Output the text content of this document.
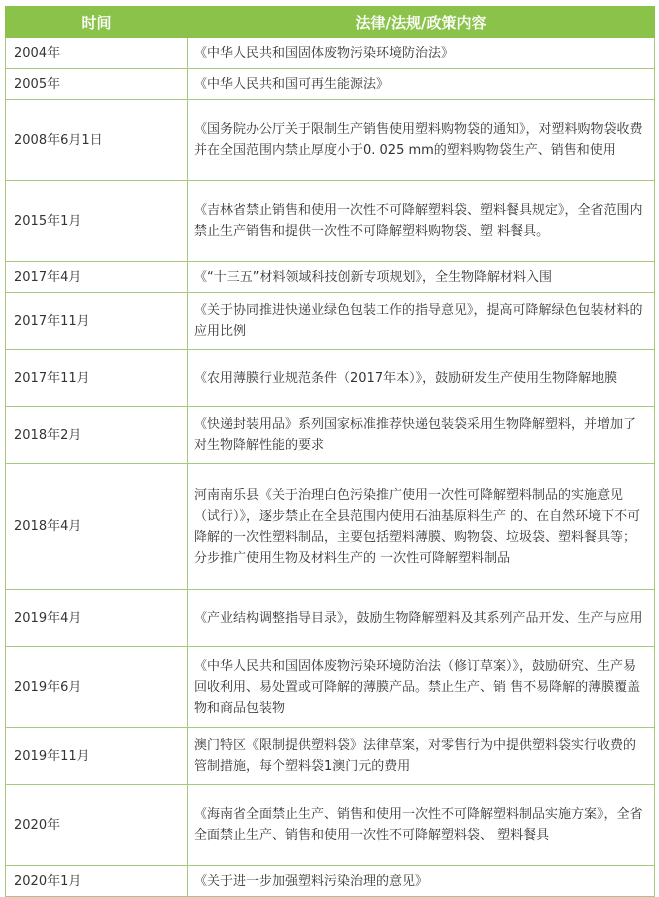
时间	法律/法规/政策内容
2004年	《中华人民共和国固体废物污染环境防治法》
2005年	《中华人民共和国可再生能源法》
2008年6月1日	《国务院办公厅关于限制生产销售使用塑料购物袋的通知》，对塑料购物袋收费并在全国范围内禁止厚度小于0. 025 mm的塑料购物袋生产、销售和使用
2015年1月	《吉林省禁止销售和使用一次性不可降解塑料袋、塑料餐具规定》，全省范围内禁止生产销售和提供一次性不可降解塑料购物袋、塑 料餐具。
2017年4月	《“十三五”材料领域科技创新专项规划》，全生物降解材料入围
2017年11月	《关于协同推进快递业绿色包装工作的指导意见》，提高可降解绿色包装材料的应用比例
2017年11月	《农用薄膜行业规范条件（2017年本）》，鼓励研发生产使用生物降解地膜
2018年2月	《快递封装用品》系列国家标准推荐快递包装袋采用生物降解塑料，并增加了对生物降解性能的要求
2018年4月	河南南乐县《关于治理白色污染推广使用一次性可降解塑料制品的实施意见（试行）》，逐步禁止在全县范围内使用石油基原料生产 的、在自然环境下不可降解的一次性塑料制品，主要包括塑料薄膜、购物袋、垃圾袋、塑料餐具等；分步推广使用生物及材料生产的 一次性可降解塑料制品
2019年4月	《产业结构调整指导目录》，鼓励生物降解塑料及其系列产品开发、生产与应用
2019年6月	《中华人民共和国固体废物污染环境防治法（修订草案）》，鼓励研究、生产易回收利用、易处置或可降解的薄膜产品。禁止生产、销 售不易降解的薄膜覆盖物和商品包装物
2019年11月	澳门特区《限制提供塑料袋》法律草案，对零售行为中提供塑料袋实行收费的管制措施，每个塑料袋1澳门元的费用
2020年	《海南省全面禁止生产、销售和使用一次性不可降解塑料制品实施方案》，全省全面禁止生产、销售和使用一次性不可降解塑料袋、 塑料餐具
2020年1月	《关于进一步加强塑料污染治理的意见》
